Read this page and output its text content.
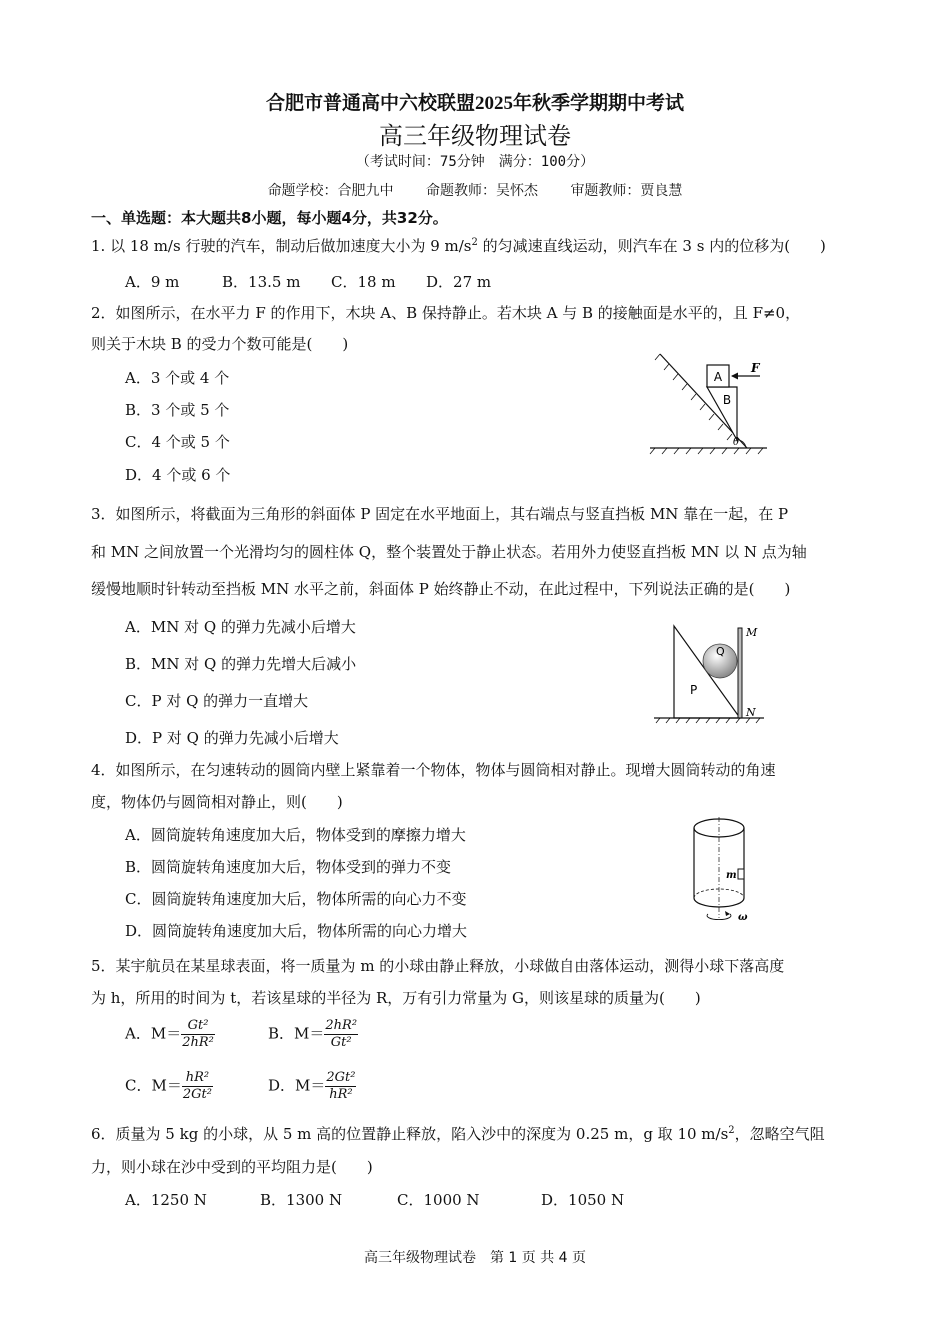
合肥市普通高中六校联盟2025年秋季学期期中考试
高三年级物理试卷
（考试时间：75分钟　满分：100分）
命题学校：合肥九中 命题教师：吴怀杰 审题教师：贾良慧
一、单选题：本大题共8小题，每小题4分，共32分。
1. 以 18 m/s 行驶的汽车，制动后做加速度大小为 9 $m/s^2$ 的匀减速直线运动，则汽车在 3 s 内的位移为(　　)
A．9 m	B．13.5 m C．18 m D．27 m
2．如图所示，在水平力 F 的作用下，木块 A、B 保持静止。若木块 A 与 B 的接触面是水平的，且 F≠0，
则关于木块 B 的受力个数可能是(　　)
A．3 个或 4 个
B．3 个或 5 个
C．4 个或 5 个
D．4 个或 6 个
A
B
F
θ
3．如图所示，将截面为三角形的斜面体 P 固定在水平地面上，其右端点与竖直挡板 MN 靠在一起，在 P
和 MN 之间放置一个光滑均匀的圆柱体 Q，整个装置处于静止状态。若用外力使竖直挡板 MN 以 N 点为轴
缓慢地顺时针转动至挡板 MN 水平之前，斜面体 P 始终静止不动，在此过程中，下列说法正确的是(　　)
A．MN 对 Q 的弹力先减小后增大
B．MN 对 Q 的弹力先增大后减小
C．P 对 Q 的弹力一直增大
D．P 对 Q 的弹力先减小后增大
P
Q
M
N
4．如图所示，在匀速转动的圆筒内壁上紧靠着一个物体，物体与圆筒相对静止。现增大圆筒转动的角速
度，物体仍与圆筒相对静止，则(　　)
A．圆筒旋转角速度加大后，物体受到的摩擦力增大
B．圆筒旋转角速度加大后，物体受到的弹力不变
C．圆筒旋转角速度加大后，物体所需的向心力不变
D．圆筒旋转角速度加大后，物体所需的向心力增大
m
ω
5．某宇航员在某星球表面，将一质量为 m 的小球由静止释放，小球做自由落体运动，测得小球下落高度
为 h，所用的时间为 t，若该星球的半径为 R，万有引力常量为 G，则该星球的质量为(　　)
A．$M= \frac{\text{Gt²}}{\text{2hR²}}$	B．$M= \frac{\text{2hR²}}{\text{Gt²}}$
C．$M= \frac{\text{hR²}}{\text{2Gt²}}$	D．$M= \frac{\text{2Gt²}}{\text{hR²}}$
6．质量为 5 kg 的小球，从 5 m 高的位置静止释放，陷入沙中的深度为 0.25 m，g 取 10 $m/s^2$，忽略空气阻
力，则小球在沙中受到的平均阻力是(　　)
A．1250 N	B．1300 N	C．1000 N	D．1050 N
高三年级物理试卷　第 1 页 共 4 页
